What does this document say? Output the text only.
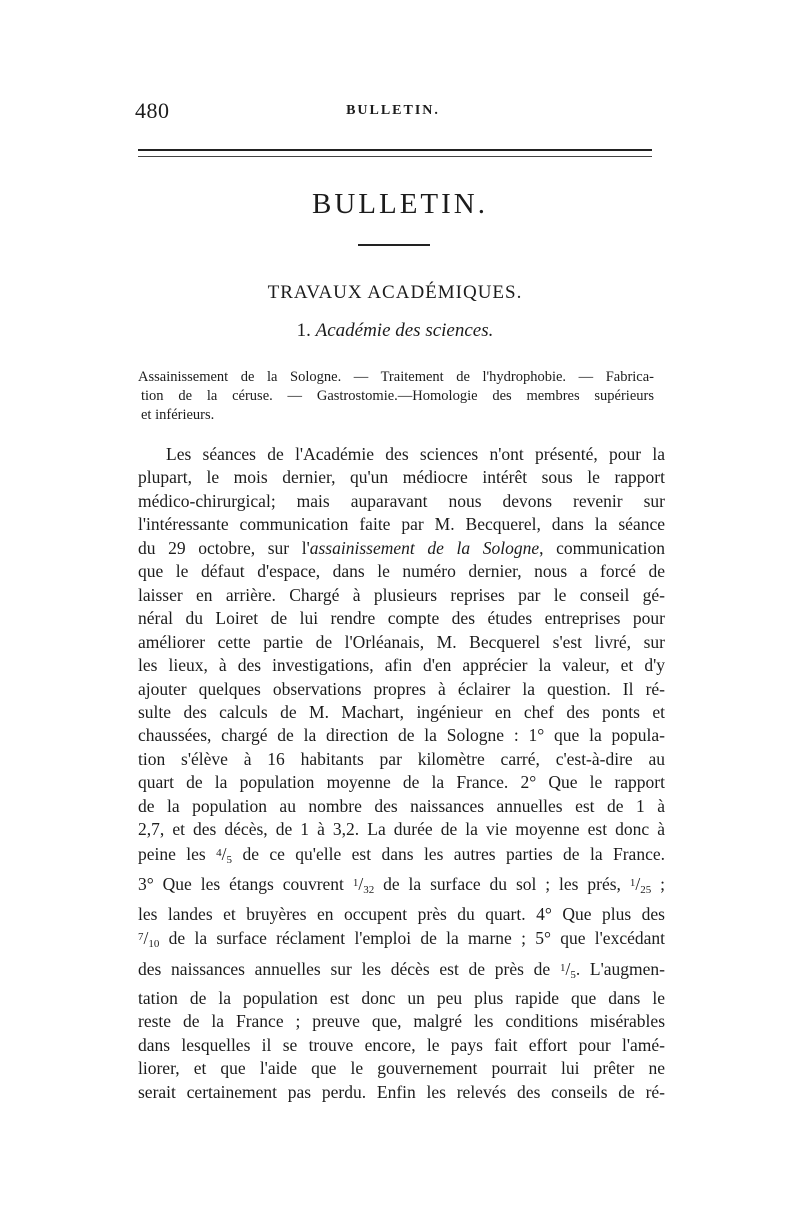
480	BULLETIN.
BULLETIN.
TRAVAUX ACADÉMIQUES.
1. Académie des sciences.
Assainissement de la Sologne. — Traitement de l'hydrophobie. — Fabrica-
tion de la céruse. — Gastrostomie.—Homologie des membres supérieurs
et inférieurs.
Les séances de l'Académie des sciences n'ont présenté, pour la
plupart, le mois dernier, qu'un médiocre intérêt sous le rapport
médico-chirurgical; mais auparavant nous devons revenir sur
l'intéressante communication faite par M. Becquerel, dans la séance
du 29 octobre, sur l'assainissement de la Sologne, communication
que le défaut d'espace, dans le numéro dernier, nous a forcé de
laisser en arrière. Chargé à plusieurs reprises par le conseil gé-
néral du Loiret de lui rendre compte des études entreprises pour
améliorer cette partie de l'Orléanais, M. Becquerel s'est livré, sur
les lieux, à des investigations, afin d'en apprécier la valeur, et d'y
ajouter quelques observations propres à éclairer la question. Il ré-
sulte des calculs de M. Machart, ingénieur en chef des ponts et
chaussées, chargé de la direction de la Sologne : 1° que la popula-
tion s'élève à 16 habitants par kilomètre carré, c'est-à-dire au
quart de la population moyenne de la France. 2° Que le rapport
de la population au nombre des naissances annuelles est de 1 à
2,7, et des décès, de 1 à 3,2. La durée de la vie moyenne est donc à
peine les $^4$/5 de ce qu'elle est dans les autres parties de la France.
3° Que les étangs couvrent $^1$/32 de la surface du sol ; les prés, $^1$/25 ;
les landes et bruyères en occupent près du quart. 4° Que plus des
$^7$/10 de la surface réclament l'emploi de la marne ; 5° que l'excédant
des naissances annuelles sur les décès est de près de $^1$/5. L'augmen-
tation de la population est donc un peu plus rapide que dans le
reste de la France ; preuve que, malgré les conditions misérables
dans lesquelles il se trouve encore, le pays fait effort pour l'amé-
liorer, et que l'aide que le gouvernement pourrait lui prêter ne
serait certainement pas perdu. Enfin les relevés des conseils de ré-
